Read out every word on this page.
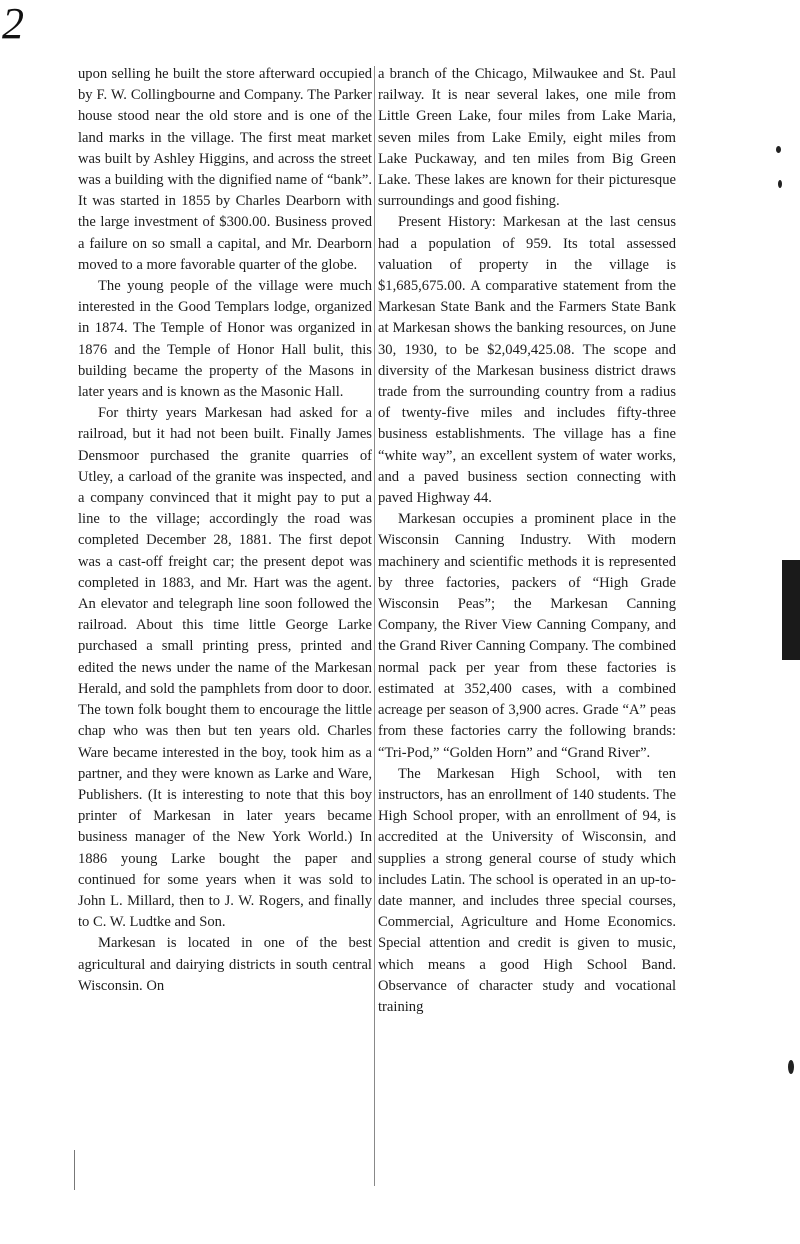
2

upon selling he built the store afterward occupied by F. W. Collingbourne and Company. The Parker house stood near the old store and is one of the land marks in the village. The first meat market was built by Ashley Higgins, and across the street was a building with the dignified name of “bank”. It was started in 1855 by Charles Dearborn with the large investment of $300.00. Business proved a failure on so small a capital, and Mr. Dearborn moved to a more favorable quarter of the globe.

The young people of the village were much interested in the Good Templars lodge, organized in 1874. The Temple of Honor was organized in 1876 and the Temple of Honor Hall bulit, this building became the property of the Masons in later years and is known as the Masonic Hall.

For thirty years Markesan had asked for a railroad, but it had not been built. Finally James Densmoor purchased the granite quarries of Utley, a carload of the granite was inspected, and a company convinced that it might pay to put a line to the village; accordingly the road was completed December 28, 1881. The first depot was a cast-off freight car; the present depot was completed in 1883, and Mr. Hart was the agent. An elevator and telegraph line soon followed the railroad. About this time little George Larke purchased a small printing press, printed and edited the news under the name of the Markesan Herald, and sold the pamphlets from door to door. The town folk bought them to encourage the little chap who was then but ten years old. Charles Ware became interested in the boy, took him as a partner, and they were known as Larke and Ware, Publishers. (It is interesting to note that this boy printer of Markesan in later years became business manager of the New York World.) In 1886 young Larke bought the paper and continued for some years when it was sold to John L. Millard, then to J. W. Rogers, and finally to C. W. Ludtke and Son.

Markesan is located in one of the best agricultural and dairying districts in south central Wisconsin. On

a branch of the Chicago, Milwaukee and St. Paul railway. It is near several lakes, one mile from Little Green Lake, four miles from Lake Maria, seven miles from Lake Emily, eight miles from Lake Puckaway, and ten miles from Big Green Lake. These lakes are known for their picturesque surroundings and good fishing.

Present History: Markesan at the last census had a population of 959. Its total assessed valuation of property in the village is $1,685,675.00. A comparative statement from the Markesan State Bank and the Farmers State Bank at Markesan shows the banking resources, on June 30, 1930, to be $2,049,425.08. The scope and diversity of the Markesan business district draws trade from the surrounding country from a radius of twenty-five miles and includes fifty-three business establishments. The village has a fine “white way”, an excellent system of water works, and a paved business section connecting with paved Highway 44.

Markesan occupies a prominent place in the Wisconsin Canning Industry. With modern machinery and scientific methods it is represented by three factories, packers of “High Grade Wisconsin Peas”; the Markesan Canning Company, the River View Canning Company, and the Grand River Canning Company. The combined normal pack per year from these factories is estimated at 352,400 cases, with a combined acreage per season of 3,900 acres. Grade “A” peas from these factories carry the following brands: “Tri-Pod,” “Golden Horn” and “Grand River”.

The Markesan High School, with ten instructors, has an enrollment of 140 students. The High School proper, with an enrollment of 94, is accredited at the University of Wisconsin, and supplies a strong general course of study which includes Latin. The school is operated in an up-to-date manner, and includes three special courses, Commercial, Agriculture and Home Economics. Special attention and credit is given to music, which means a good High School Band. Observance of character study and vocational training
